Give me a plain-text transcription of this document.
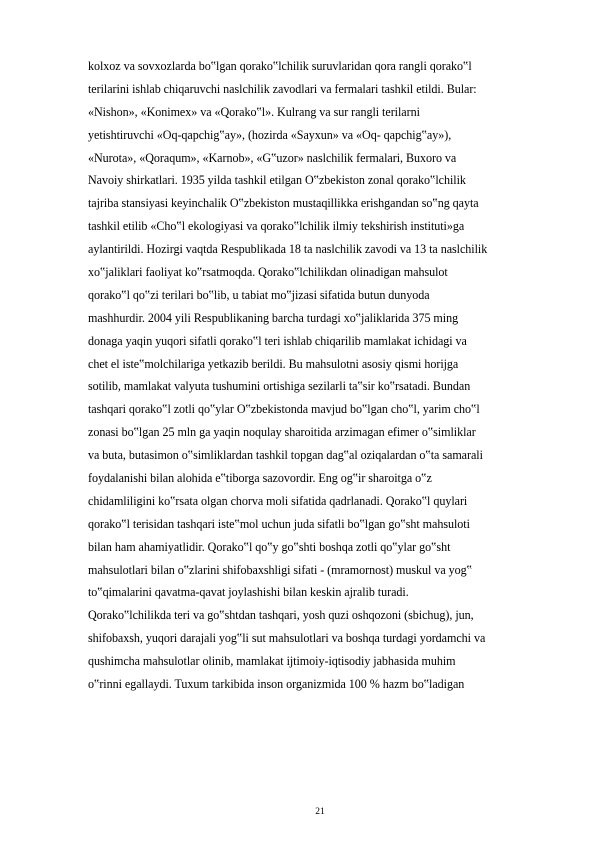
kolxoz va sovxozlarda bo‟lgan qorako‟lchilik suruvlaridan qora rangli qorako‟l
terilarini ishlab chiqaruvchi naslchilik zavodlari va fermalari tashkil etildi. Bular:
«Nishon», «Konimex» va «Qorako‟l». Kulrang va sur rangli terilarni
yetishtiruvchi «Oq-qapchig‟ay», (hozirda «Sayxun» va «Oq- qapchig‟ay»),
«Nurota», «Qoraqum», «Karnob», «G‟uzor» naslchilik fermalari, Buxoro va
Navoiy shirkatlari. 1935 yilda tashkil etilgan O‟zbekiston zonal qorako‟lchilik
tajriba stansiyasi keyinchalik O‟zbekiston mustaqillikka erishgandan so‟ng qayta
tashkil etilib «Cho‟l ekologiyasi va qorako‟lchilik ilmiy tekshirish instituti»ga
aylantirildi. Hozirgi vaqtda Respublikada 18 ta naslchilik zavodi va 13 ta naslchilik
xo‟jaliklari faoliyat ko‟rsatmoqda. Qorako‟lchilikdan olinadigan mahsulot
qorako‟l qo‟zi terilari bo‟lib, u tabiat mo‟jizasi sifatida butun dunyoda
mashhurdir. 2004 yili Respublikaning barcha turdagi xo‟jaliklarida 375 ming
donaga yaqin yuqori sifatli qorako‟l teri ishlab chiqarilib mamlakat ichidagi va
chet el iste‟molchilariga yetkazib berildi. Bu mahsulotni asosiy qismi horijga
sotilib, mamlakat valyuta tushumini ortishiga sezilarli ta‟sir ko‟rsatadi. Bundan
tashqari qorako‟l zotli qo‟ylar O‟zbekistonda mavjud bo‟lgan cho‟l, yarim cho‟l
zonasi bo‟lgan 25 mln ga yaqin noqulay sharoitida arzimagan efimer o‟simliklar
va buta, butasimon o‟simliklardan tashkil topgan dag‟al oziqalardan o‟ta samarali
foydalanishi bilan alohida e‟tiborga sazovordir. Eng og‟ir sharoitga o‟z
chidamliligini ko‟rsata olgan chorva moli sifatida qadrlanadi. Qorako‟l quylari
qorako‟l terisidan tashqari iste‟mol uchun juda sifatli bo‟lgan go‟sht mahsuloti
bilan ham ahamiyatlidir. Qorako‟l qo‟y go‟shti boshqa zotli qo‟ylar go‟sht
mahsulotlari bilan o‟zlarini shifobaxshligi sifati - (mramornost) muskul va yog‟
to‟qimalarini qavatma-qavat joylashishi bilan keskin ajralib turadi.
Qorako‟lchilikda teri va go‟shtdan tashqari, yosh quzi oshqozoni (sbichug), jun,
shifobaxsh, yuqori darajali yog‟li sut mahsulotlari va boshqa turdagi yordamchi va
qushimcha mahsulotlar olinib, mamlakat ijtimoiy-iqtisodiy jabhasida muhim
o‟rinni egallaydi. Tuxum tarkibida inson organizmida 100 % hazm bo‟ladigan
21
